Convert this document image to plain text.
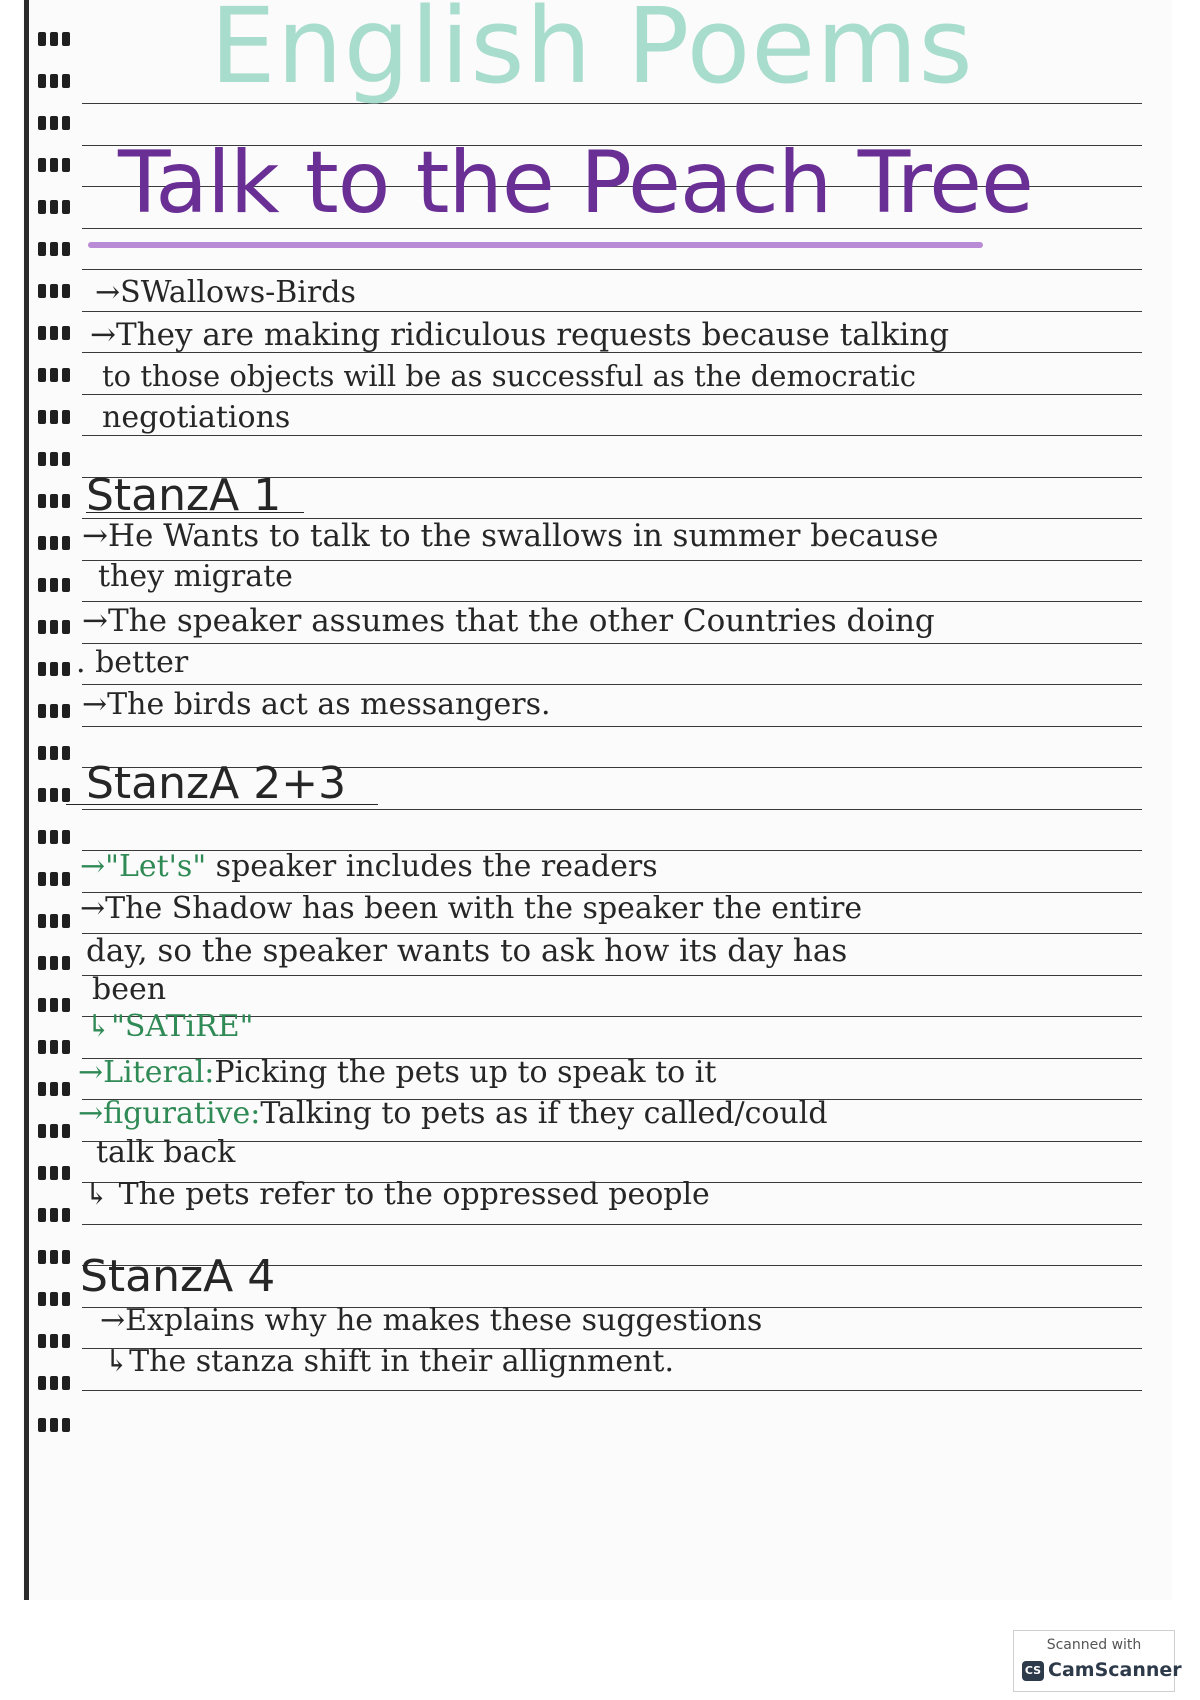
English Poems
Talk to the Peach Tree
→SWallows-Birds
→They are making ridiculous requests because talking
to those objects will be as successful as the democratic
negotiations
StanzA 1
→He Wants to talk to the swallows in summer because
they migrate
→The speaker assumes that the other Countries doing
. better
→The birds act as messangers.
StanzA 2+3
→"Let's" speaker includes the readers
→The Shadow has been with the speaker the entire
day, so the speaker wants to ask how its day has
been
↳"SATiRE"
→Literal:Picking the pets up to speak to it
→figurative:Talking to pets as if they called/could
talk back
↳ The pets refer to the oppressed people
StanzA 4
→Explains why he makes these suggestions
↳The stanza shift in their allignment.
Scanned with
CS CamScanner
